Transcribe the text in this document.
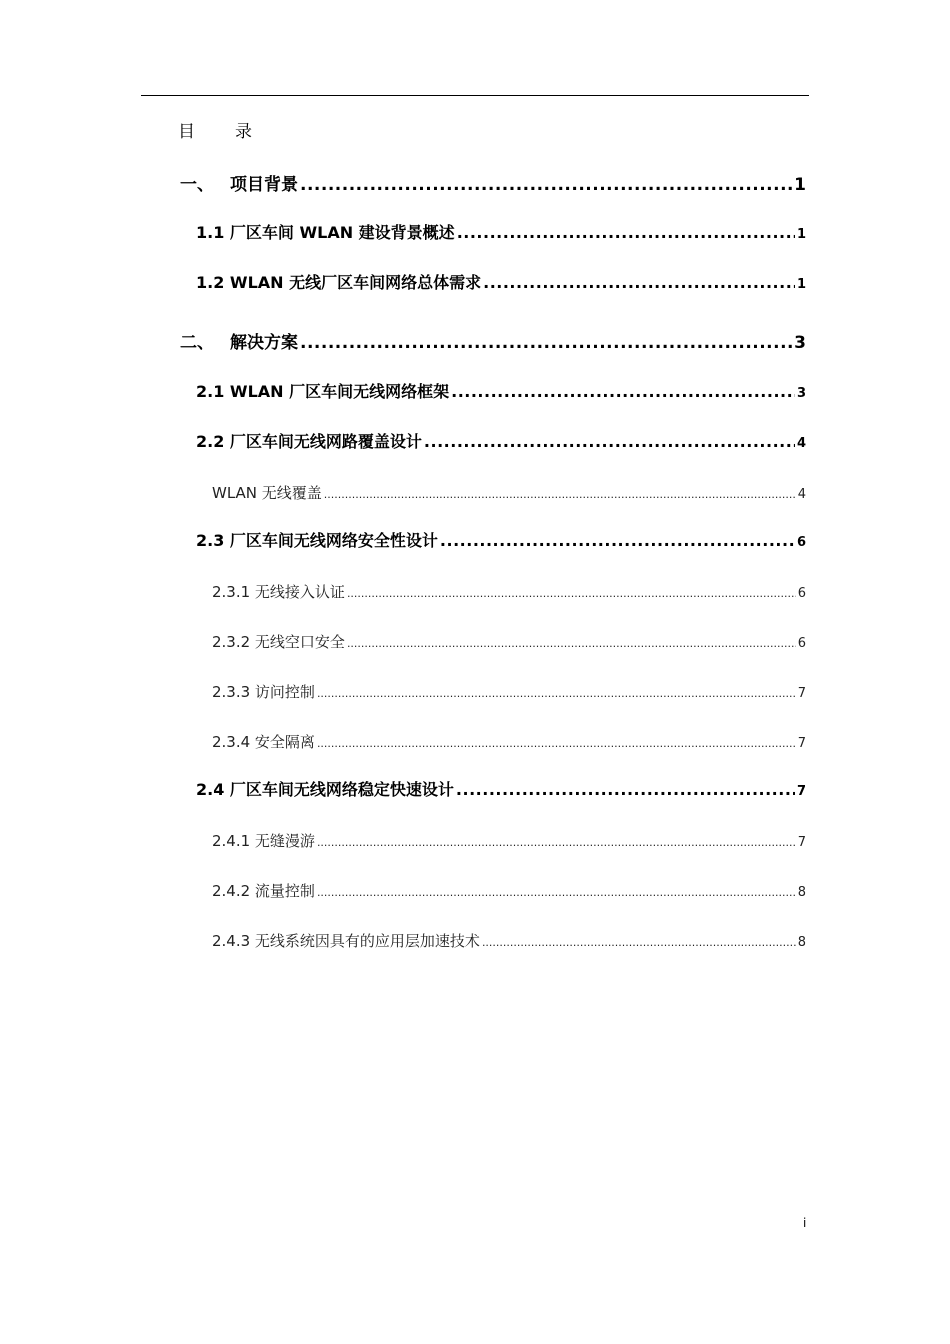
目 录
一、 项目背景 .....	1
1.1 厂区车间 WLAN 建设背景概述 .....	1
1.2 WLAN 无线厂区车间网络总体需求 .....	1
二、 解决方案 .....	3
2.1 WLAN 厂区车间无线网络框架 .....	3
2.2 厂区车间无线网路覆盖设计 .....	4
WLAN 无线覆盖 .....	4
2.3 厂区车间无线网络安全性设计 .....	6
2.3.1 无线接入认证 .....	6
2.3.2 无线空口安全 .....	6
2.3.3 访问控制 .....	7
2.3.4 安全隔离 .....	7
2.4 厂区车间无线网络稳定快速设计 .....	7
2.4.1 无缝漫游 .....	7
2.4.2 流量控制 .....	8
2.4.3 无线系统因具有的应用层加速技术 .....	8
i
